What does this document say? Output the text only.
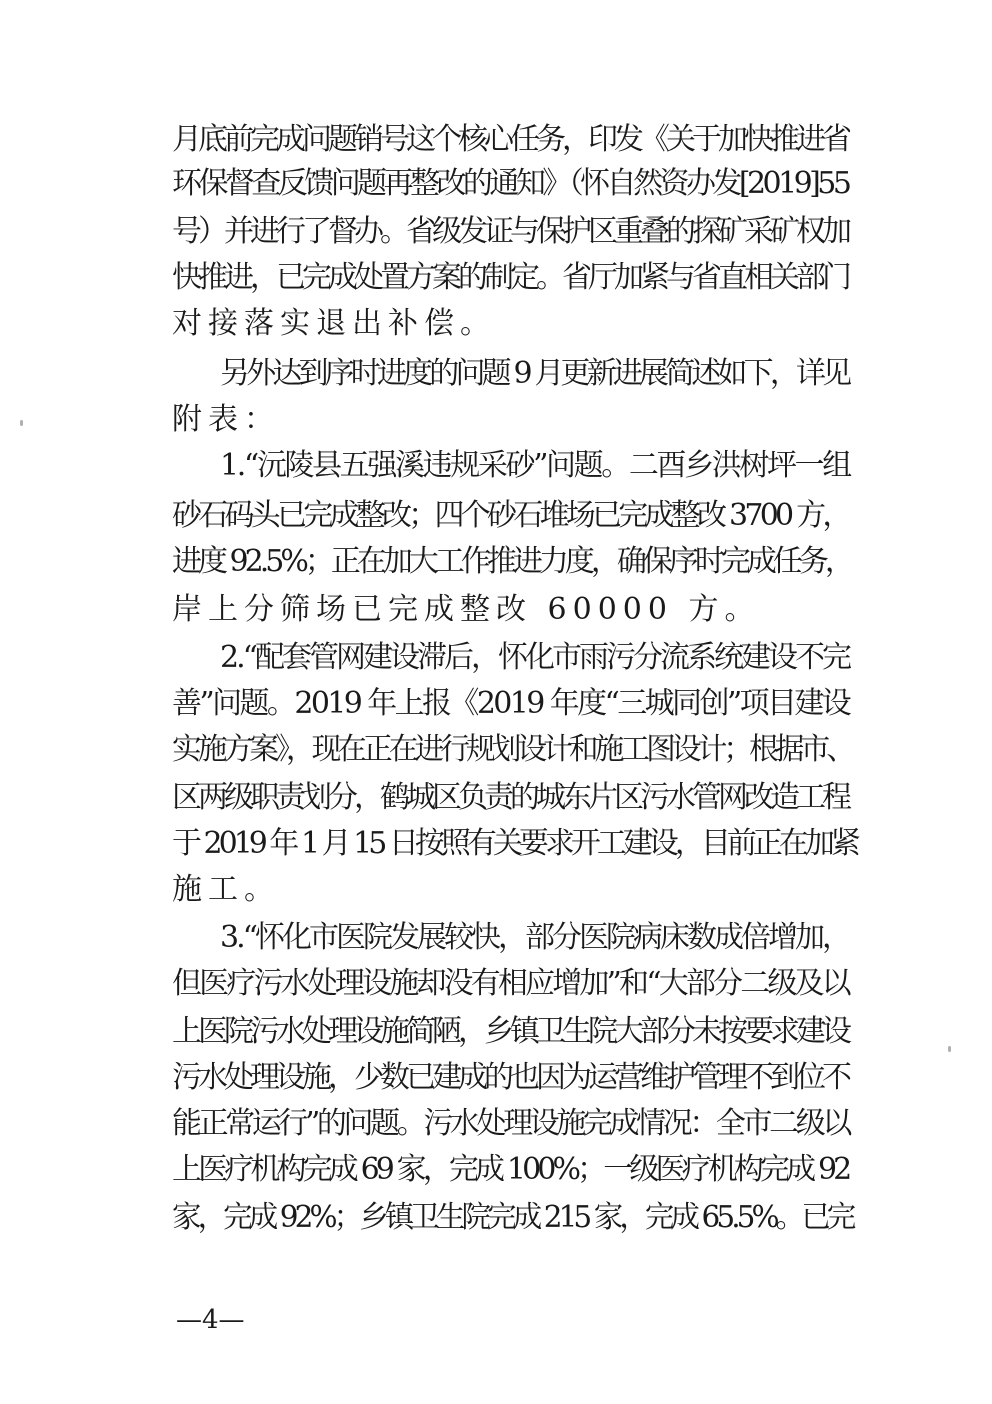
月底前完成问题销号这个核心任务，印发《关于加快推进省
环保督查反馈问题再整改的通知》（怀自然资办发[2019]55
号）并进行了督办。省级发证与保护区重叠的探矿采矿权加
快推进，已完成处置方案的制定。省厅加紧与省直相关部门
对接落实退出补偿。
另外达到序时进度的问题 9 月更新进展简述如下，详见
附表：
1.“沅陵县五强溪违规采砂”问题。二酉乡洪树坪一组
砂石码头已完成整改；四个砂石堆场已完成整改 3700 方，
进度 92.5%；正在加大工作推进力度，确保序时完成任务，
岸上分筛场已完成整改 60000 方。
2.“配套管网建设滞后，怀化市雨污分流系统建设不完
善”问题。2019 年上报《2019 年度“三城同创”项目建设
实施方案》，现在正在进行规划设计和施工图设计；根据市、
区两级职责划分，鹤城区负责的城东片区污水管网改造工程
于 2019 年 1 月 15 日按照有关要求开工建设，目前正在加紧
施工。
3.“怀化市医院发展较快，部分医院病床数成倍增加，
但医疗污水处理设施却没有相应增加”和“大部分二级及以
上医院污水处理设施简陋，乡镇卫生院大部分未按要求建设
污水处理设施，少数已建成的也因为运营维护管理不到位不
能正常运行”的问题。污水处理设施完成情况：全市二级以
上医疗机构完成 69 家，完成 100%；一级医疗机构完成 92
家，完成 92%；乡镇卫生院完成 215 家，完成 65.5%。已完
—4—
